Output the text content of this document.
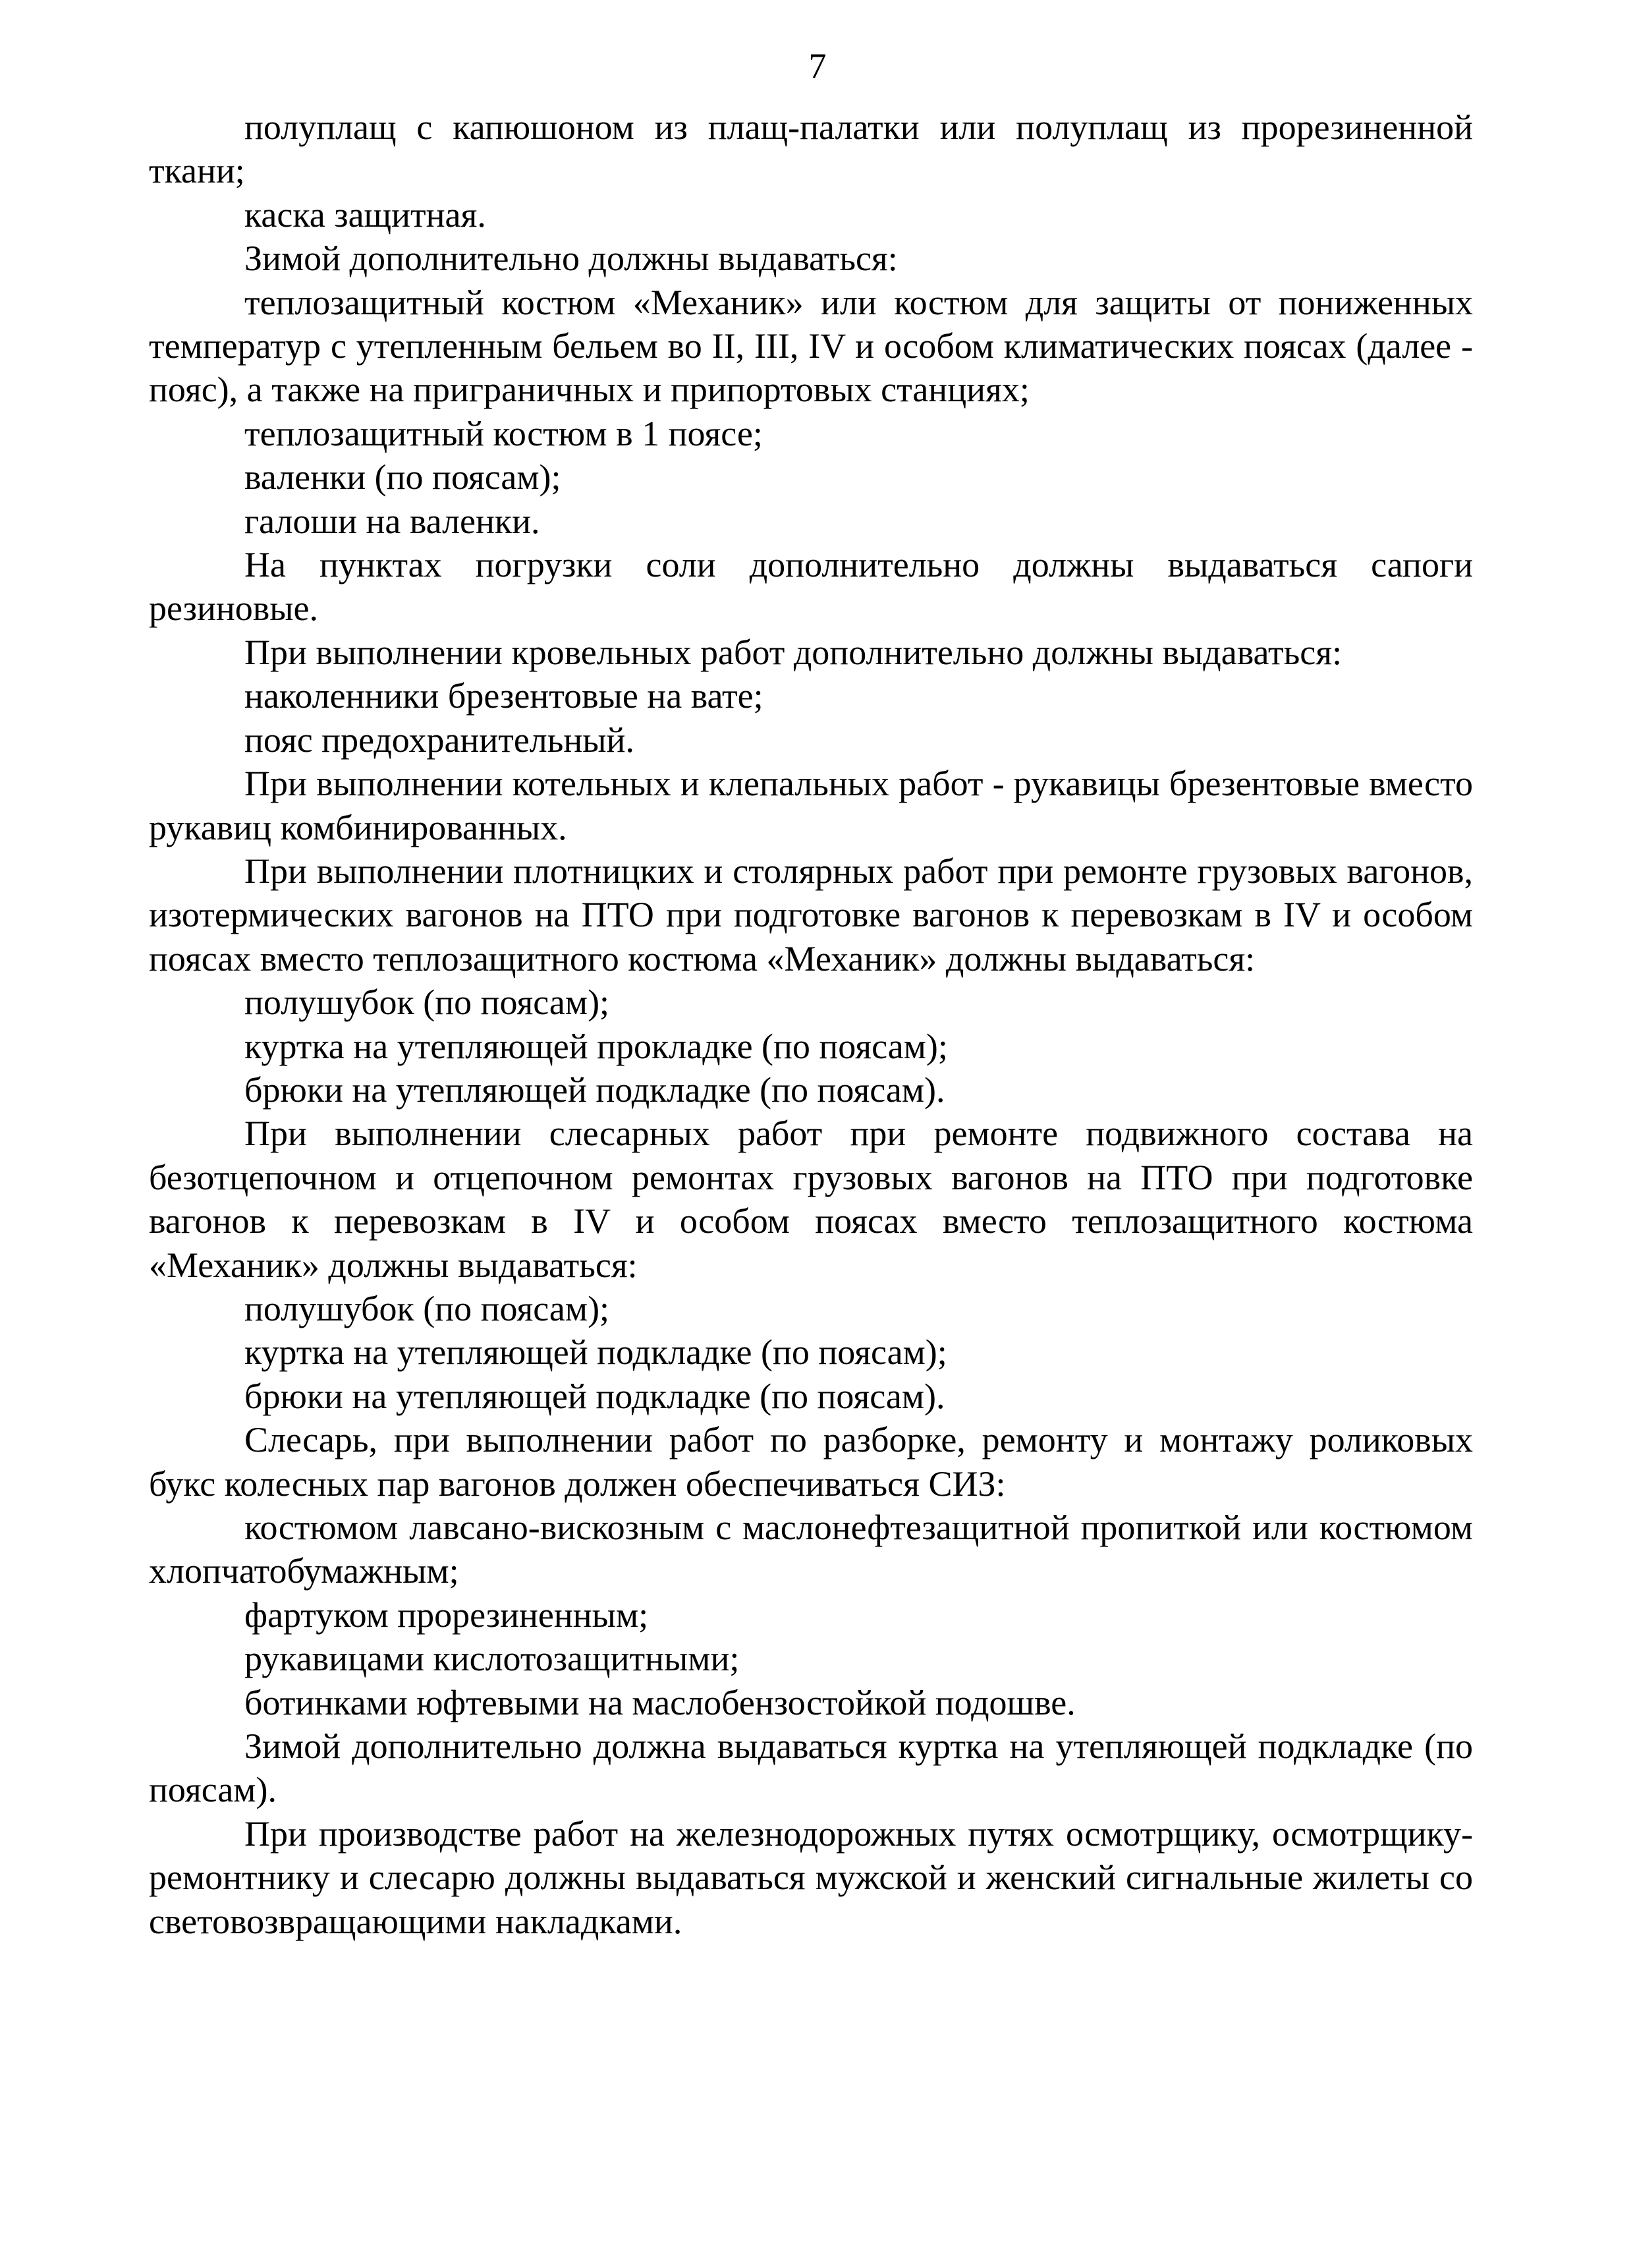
7

полуплащ с капюшоном из плащ-палатки или полуплащ из прорезиненной ткани;

каска защитная.

Зимой дополнительно должны выдаваться:

теплозащитный костюм «Механик» или костюм для защиты от пониженных температур с утепленным бельем во II, III, IV и особом климатических поясах (далее - пояс), а также на приграничных и припортовых станциях;

теплозащитный костюм в 1 поясе;

валенки (по поясам);

галоши на валенки.

На пунктах погрузки соли дополнительно должны выдаваться сапоги резиновые.

При выполнении кровельных работ дополнительно должны выдаваться:

наколенники брезентовые на вате;

пояс предохранительный.

При выполнении котельных и клепальных работ - рукавицы брезентовые вместо рукавиц комбинированных.

При выполнении плотницких и столярных работ при ремонте грузовых вагонов, изотермических вагонов на ПТО при подготовке вагонов к перевозкам в IV и особом поясах вместо теплозащитного костюма «Механик» должны выдаваться:

полушубок (по поясам);

куртка на утепляющей прокладке (по поясам);

брюки на утепляющей подкладке (по поясам).

При выполнении слесарных работ при ремонте подвижного состава на безотцепочном и отцепочном ремонтах грузовых вагонов на ПТО при подготовке вагонов к перевозкам в IV и особом поясах вместо теплозащитного костюма «Механик» должны выдаваться:

полушубок (по поясам);

куртка на утепляющей подкладке (по поясам);

брюки на утепляющей подкладке (по поясам).

Слесарь, при выполнении работ по разборке, ремонту и монтажу роликовых букс колесных пар вагонов должен обеспечиваться СИЗ:

костюмом лавсано-вискозным с маслонефтезащитной пропиткой или костюмом хлопчатобумажным;

фартуком прорезиненным;

рукавицами кислотозащитными;

ботинками юфтевыми на маслобензостойкой подошве.

Зимой дополнительно должна выдаваться куртка на утепляющей подкладке (по поясам).

При производстве работ на железнодорожных путях осмотрщику, осмотрщику-ремонтнику и слесарю должны выдаваться мужской и женский сигнальные жилеты со световозвращающими накладками.
